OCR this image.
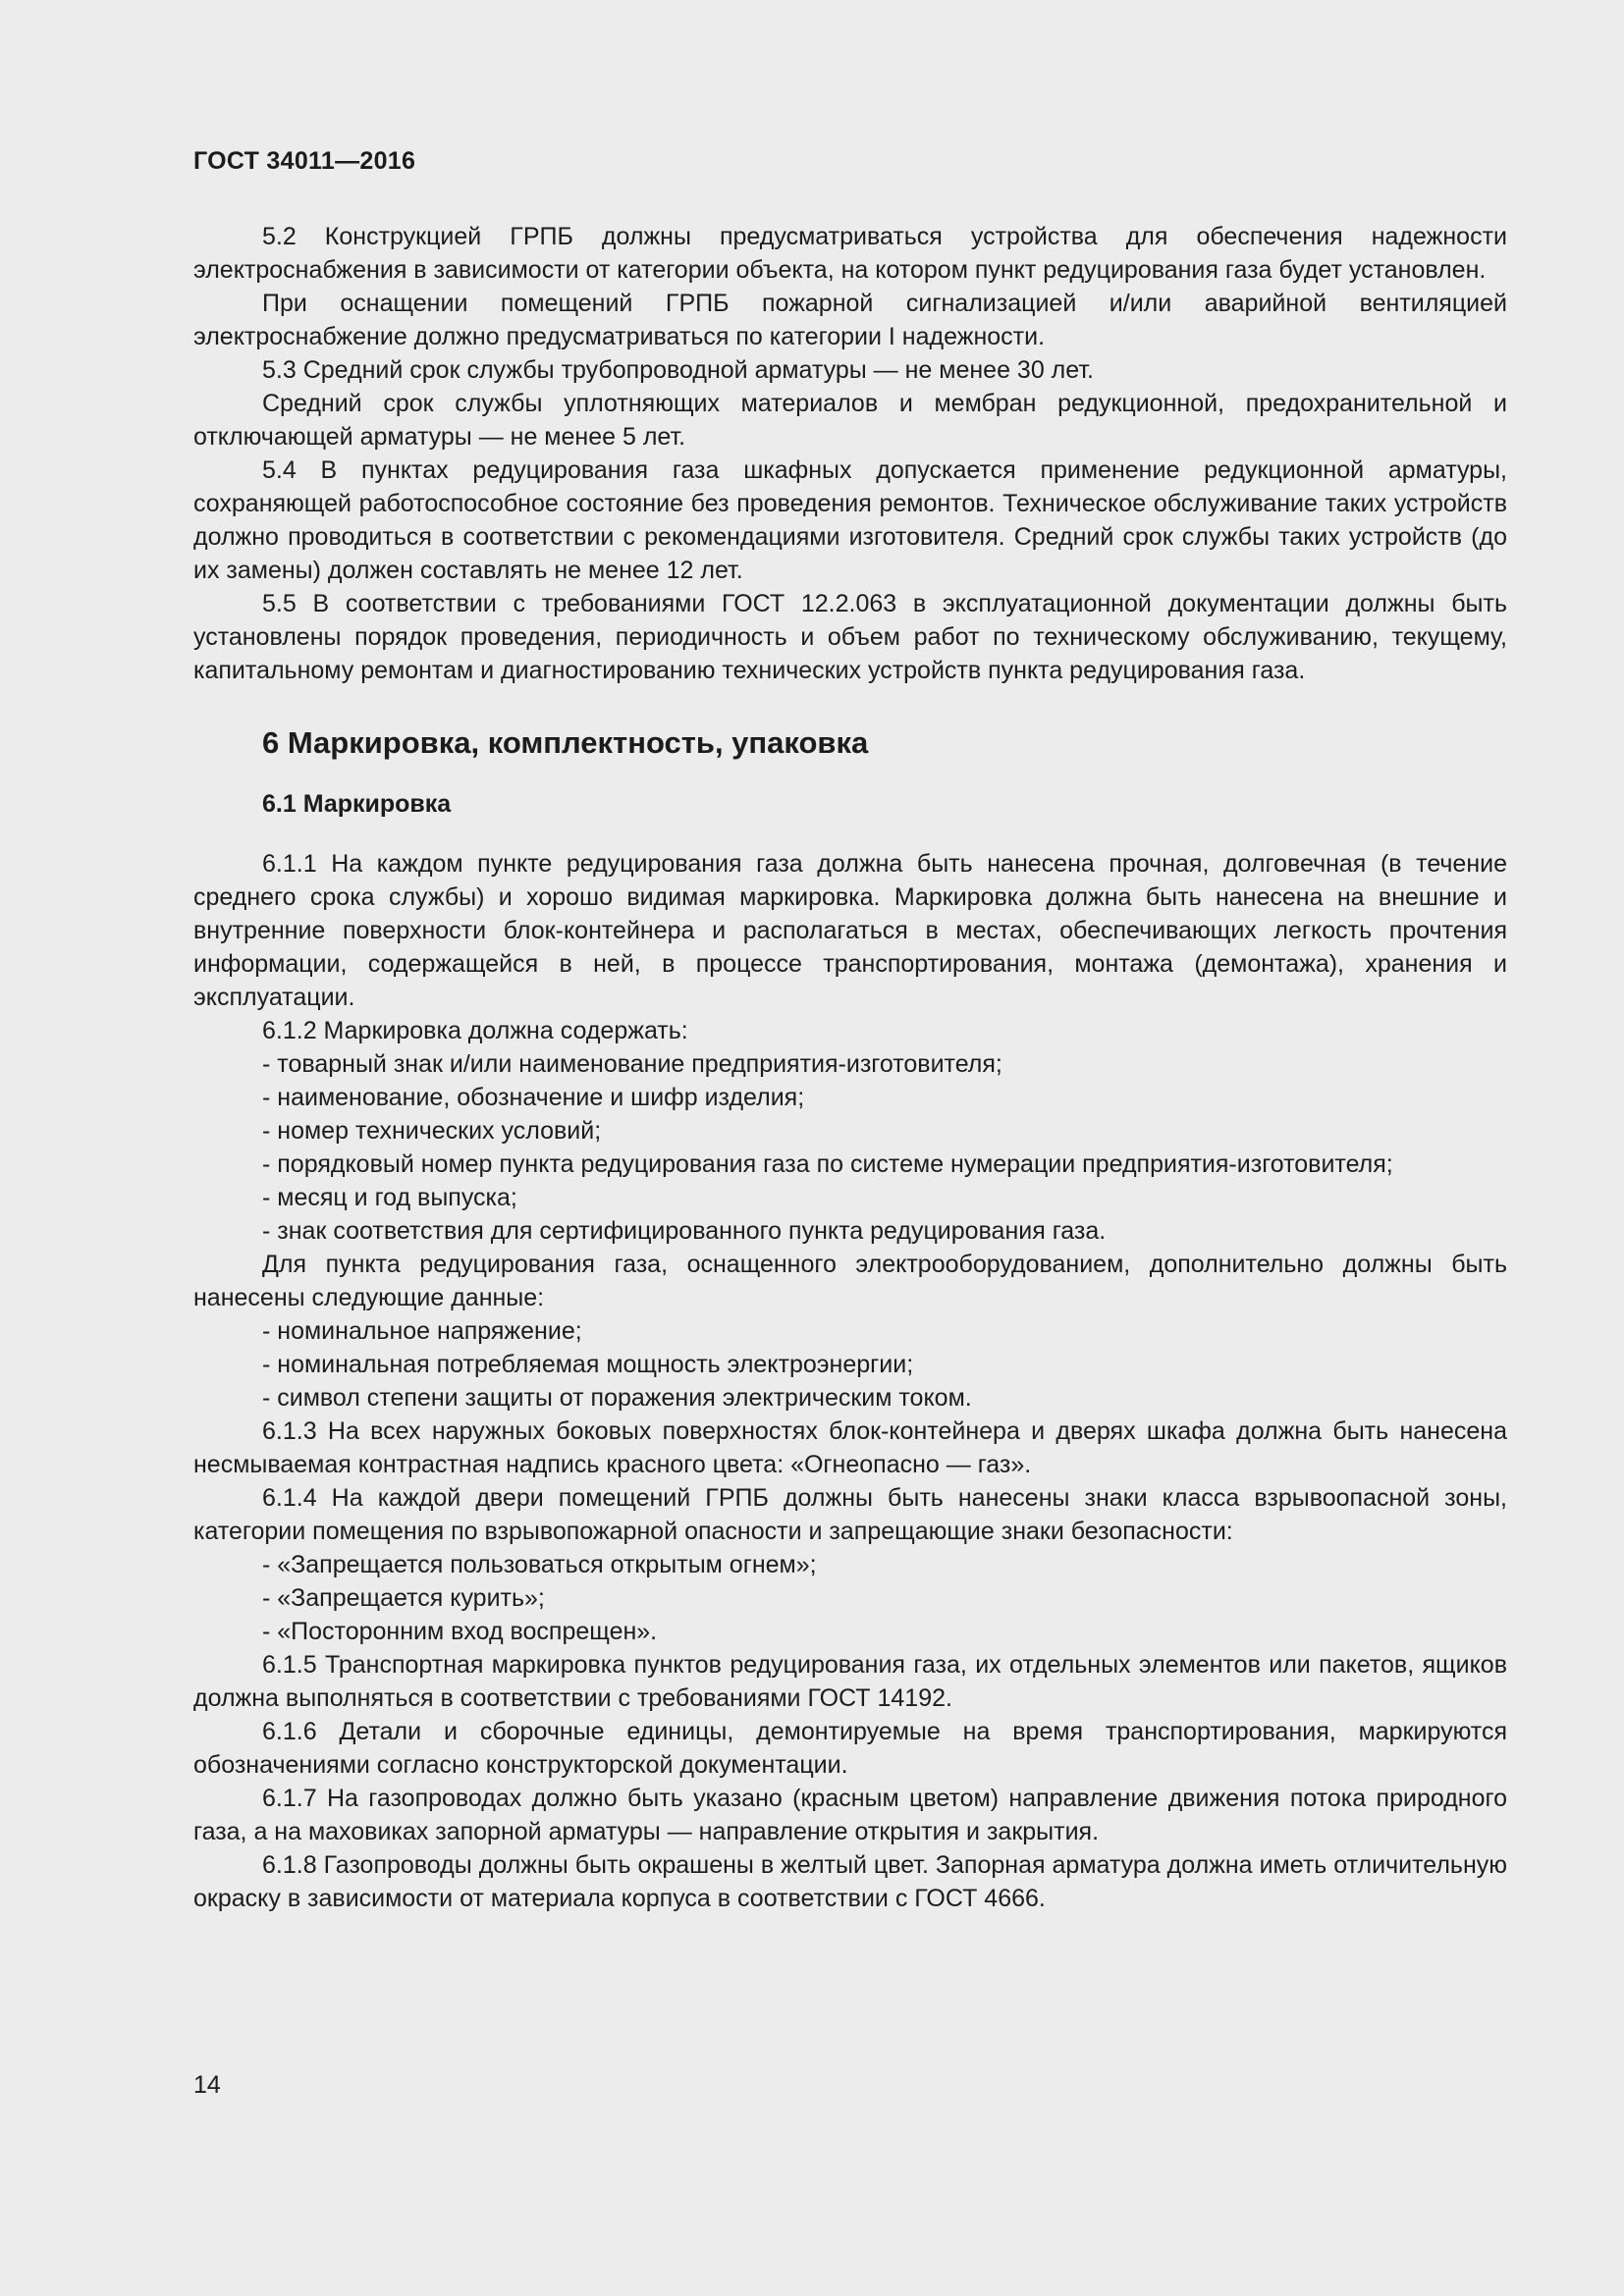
ГОСТ 34011—2016

5.2 Конструкцией ГРПБ должны предусматриваться устройства для обеспечения надежности электроснабжения в зависимости от категории объекта, на котором пункт редуцирования газа будет установлен.

При оснащении помещений ГРПБ пожарной сигнализацией и/или аварийной вентиляцией электроснабжение должно предусматриваться по категории I надежности.

5.3 Средний срок службы трубопроводной арматуры — не менее 30 лет.

Средний срок службы уплотняющих материалов и мембран редукционной, предохранительной и отключающей арматуры — не менее 5 лет.

5.4 В пунктах редуцирования газа шкафных допускается применение редукционной арматуры, сохраняющей работоспособное состояние без проведения ремонтов. Техническое обслуживание таких устройств должно проводиться в соответствии с рекомендациями изготовителя. Средний срок службы таких устройств (до их замены) должен составлять не менее 12 лет.

5.5 В соответствии с требованиями ГОСТ 12.2.063 в эксплуатационной документации должны быть установлены порядок проведения, периодичность и объем работ по техническому обслуживанию, текущему, капитальному ремонтам и диагностированию технических устройств пункта редуцирования газа.

6 Маркировка, комплектность, упаковка
6.1 Маркировка

6.1.1 На каждом пункте редуцирования газа должна быть нанесена прочная, долговечная (в течение среднего срока службы) и хорошо видимая маркировка. Маркировка должна быть нанесена на внешние и внутренние поверхности блок-контейнера и располагаться в местах, обеспечивающих легкость прочтения информации, содержащейся в ней, в процессе транспортирования, монтажа (демонтажа), хранения и эксплуатации.

6.1.2 Маркировка должна содержать:

- товарный знак и/или наименование предприятия-изготовителя;

- наименование, обозначение и шифр изделия;

- номер технических условий;

- порядковый номер пункта редуцирования газа по системе нумерации предприятия-изготовителя;

- месяц и год выпуска;

- знак соответствия для сертифицированного пункта редуцирования газа.

Для пункта редуцирования газа, оснащенного электрооборудованием, дополнительно должны быть нанесены следующие данные:

- номинальное напряжение;

- номинальная потребляемая мощность электроэнергии;

- символ степени защиты от поражения электрическим током.

6.1.3 На всех наружных боковых поверхностях блок-контейнера и дверях шкафа должна быть нанесена несмываемая контрастная надпись красного цвета: «Огнеопасно — газ».

6.1.4 На каждой двери помещений ГРПБ должны быть нанесены знаки класса взрывоопасной зоны, категории помещения по взрывопожарной опасности и запрещающие знаки безопасности:

- «Запрещается пользоваться открытым огнем»;

- «Запрещается курить»;

- «Посторонним вход воспрещен».

6.1.5 Транспортная маркировка пунктов редуцирования газа, их отдельных элементов или пакетов, ящиков должна выполняться в соответствии с требованиями ГОСТ 14192.

6.1.6 Детали и сборочные единицы, демонтируемые на время транспортирования, маркируются обозначениями согласно конструкторской документации.

6.1.7 На газопроводах должно быть указано (красным цветом) направление движения потока природного газа, а на маховиках запорной арматуры — направление открытия и закрытия.

6.1.8 Газопроводы должны быть окрашены в желтый цвет. Запорная арматура должна иметь отличительную окраску в зависимости от материала корпуса в соответствии с ГОСТ 4666.

14
